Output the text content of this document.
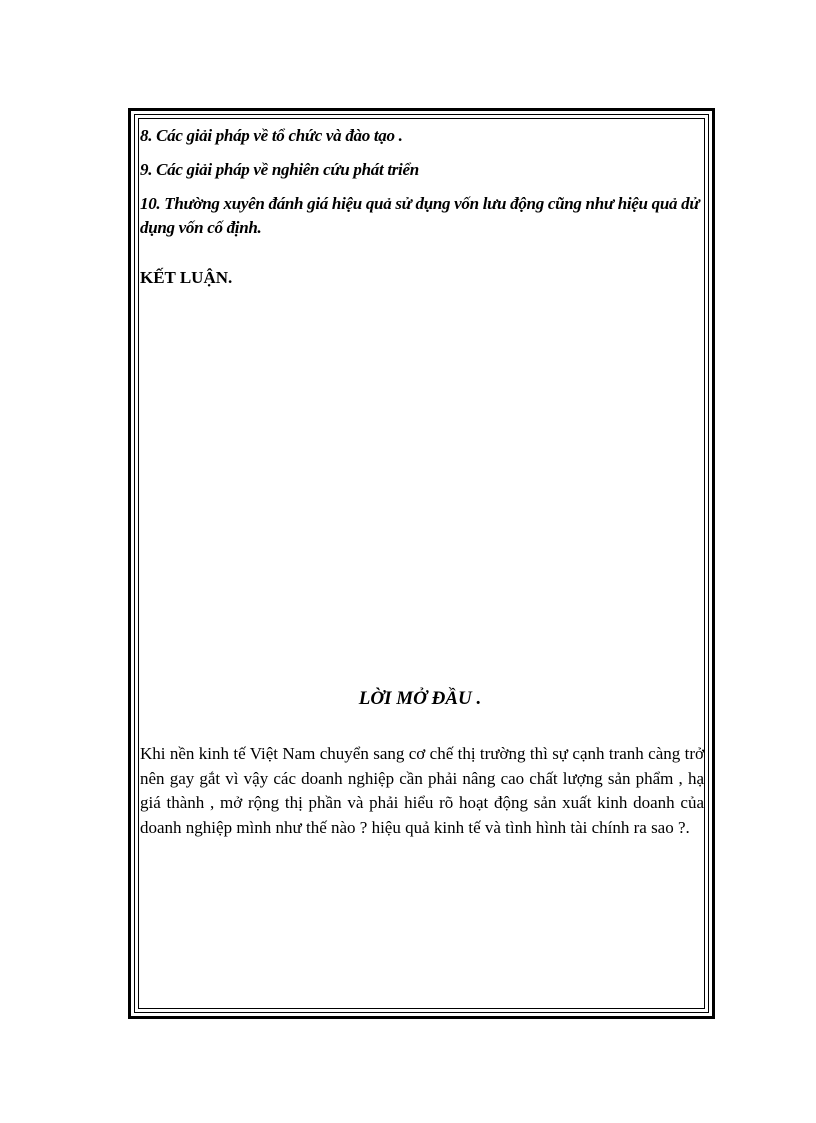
8. Các giải pháp về tổ chức và đào tạo .

9. Các giải pháp về nghiên cứu phát triển

10. Thường xuyên đánh giá hiệu quả sử dụng vốn lưu động cũng như hiệu quả dử dụng vốn cố định.

KẾT LUẬN.
LỜI MỞ ĐẦU .
Khi nền kinh tế Việt Nam chuyển sang cơ chế thị trường thì sự cạnh tranh càng trở nên gay gắt vì vậy các doanh nghiệp cần phải nâng cao chất lượng sản phẩm , hạ giá thành , mở rộng thị phần và phải hiểu rõ hoạt động sản xuất kinh doanh của doanh nghiệp mình như thế nào ? hiệu quả kinh tế và tình hình tài chính ra sao ?.
